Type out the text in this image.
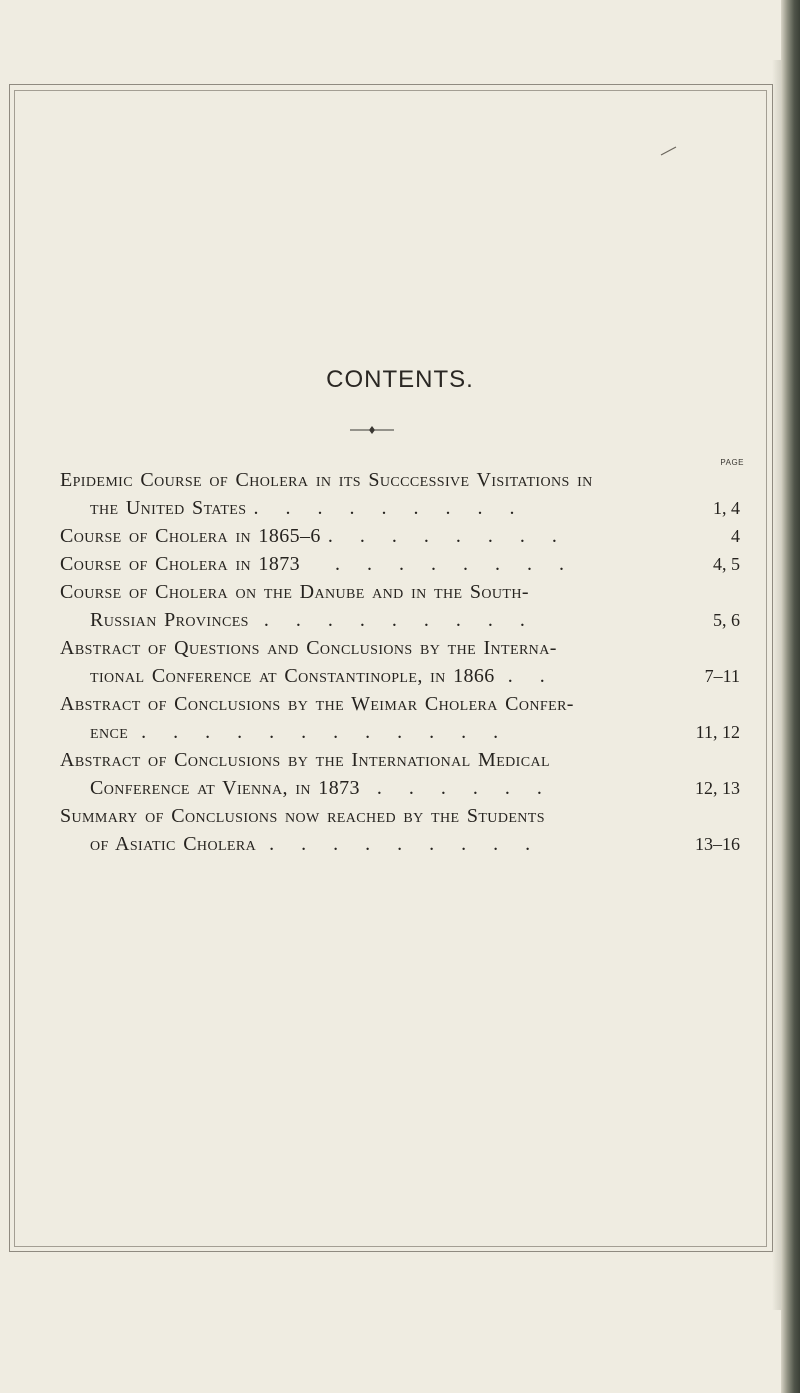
CONTENTS.
PAGE
Epidemic Course of Cholera in its Succcessive Visitations in
the United States . . . . . . . . .	1, 4
Course of Cholera in 1865–6 . . . . . . . .	4
Course of Cholera in 1873 . . . . . . . .	4, 5
Course of Cholera on the Danube and in the South-
Russian Provinces . . . . . . . . .	5, 6
Abstract of Questions and Conclusions by the Interna-
tional Conference at Constantinople, in 1866 . .	7–11
Abstract of Conclusions by the Weimar Cholera Confer-
ence . . . . . . . . . . . .	11, 12
Abstract of Conclusions by the International Medical
Conference at Vienna, in 1873 . . . . . .	12, 13
Summary of Conclusions now reached by the Students
of Asiatic Cholera . . . . . . . . .	13–16
